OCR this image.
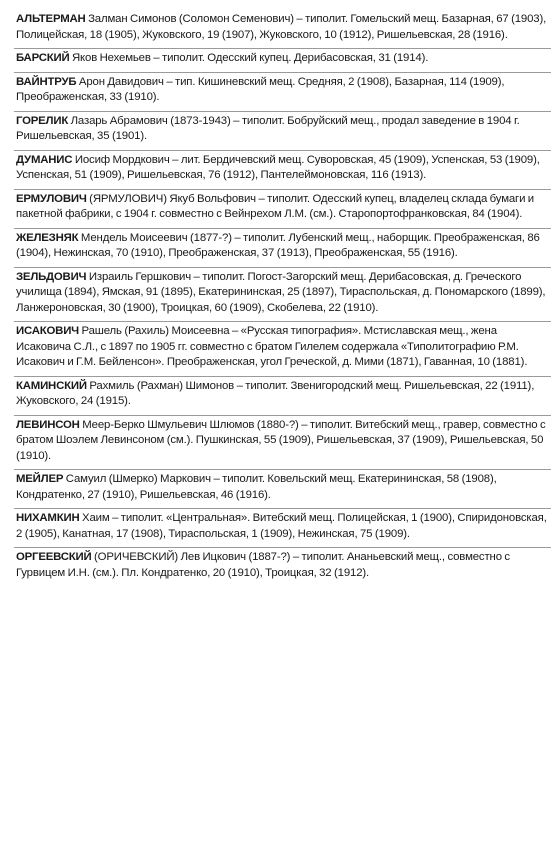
АЛЬТЕРМАН Залман Симонов (Соломон Семенович) – типолит. Гомельский мещ. Базарная, 67 (1903), Полицейская, 18 (1905), Жуковского, 19 (1907), Жуковского, 10 (1912), Ришельевская, 28 (1916).
БАРСКИЙ Яков Нехемьев – типолит. Одесский купец. Дерибасовская, 31 (1914).
ВАЙНТРУБ Арон Давидович – тип. Кишиневский мещ. Средняя, 2 (1908), Базарная, 114 (1909), Преображенская, 33 (1910).
ГОРЕЛИК Лазарь Абрамович (1873-1943) – типолит. Бобруйский мещ., продал заведение в 1904 г. Ришельевская, 35 (1901).
ДУМАНИС Иосиф Мордкович – лит. Бердичевский мещ. Суворовская, 45 (1909), Успенская, 53 (1909), Успенская, 51 (1909), Ришельевская, 76 (1912), Пантелеймоновская, 116 (1913).
ЕРМУЛОВИЧ (ЯРМУЛОВИЧ) Якуб Вольфович – типолит. Одесский купец, владелец склада бумаги и пакетной фабрики, с 1904 г. совместно с Вейнрехом Л.М. (см.). Старопортофранковская, 84 (1904).
ЖЕЛЕЗНЯК Мендель Моисеевич (1877-?) – типолит. Лубенский мещ., наборщик. Преображенская, 86 (1904), Нежинская, 70 (1910), Преображенская, 37 (1913), Преображенская, 55 (1916).
ЗЕЛЬДОВИЧ Израиль Гершкович – типолит. Погост-Загорский мещ. Дерибасовская, д. Греческого училища (1894), Ямская, 91 (1895), Екатерининская, 25 (1897), Тираспольская, д. Пономарского (1899), Ланжероновская, 30 (1900), Троицкая, 60 (1909), Скобелева, 22 (1910).
ИСАКОВИЧ Рашель (Рахиль) Моисеевна – «Русская типография». Мстиславская мещ., жена Исаковича С.Л., с 1897 по 1905 гг. совместно с братом Гилелем содержала «Типолитографию Р.М. Исакович и Г.М. Бейленсон». Преображенская, угол Греческой, д. Мими (1871), Гаванная, 10 (1881).
КАМИНСКИЙ Рахмиль (Рахман) Шимонов – типолит. Звенигородский мещ. Ришельевская, 22 (1911), Жуковского, 24 (1915).
ЛЕВИНСОН Меер-Берко Шмульевич Шлюмов (1880-?) – типолит. Витебский мещ., гравер, совместно с братом Шоэлем Левинсоном (см.). Пушкинская, 55 (1909), Ришельевская, 37 (1909), Ришельевская, 50 (1910).
МЕЙЛЕР Самуил (Шмерко) Маркович – типолит. Ковельский мещ. Екатерининская, 58 (1908), Кондратенко, 27 (1910), Ришельевская, 46 (1916).
НИХАМКИН Хаим – типолит. «Центральная». Витебский мещ. Полицейская, 1 (1900), Спиридоновская, 2 (1905), Канатная, 17 (1908), Тираспольская, 1 (1909), Нежинская, 75 (1909).
ОРГЕЕВСКИЙ (ОРИЧЕВСКИЙ) Лев Ицкович (1887-?) – типолит. Ананьевский мещ., совместно с Гурвицем И.Н. (см.). Пл. Кондратенко, 20 (1910), Троицкая, 32 (1912).
